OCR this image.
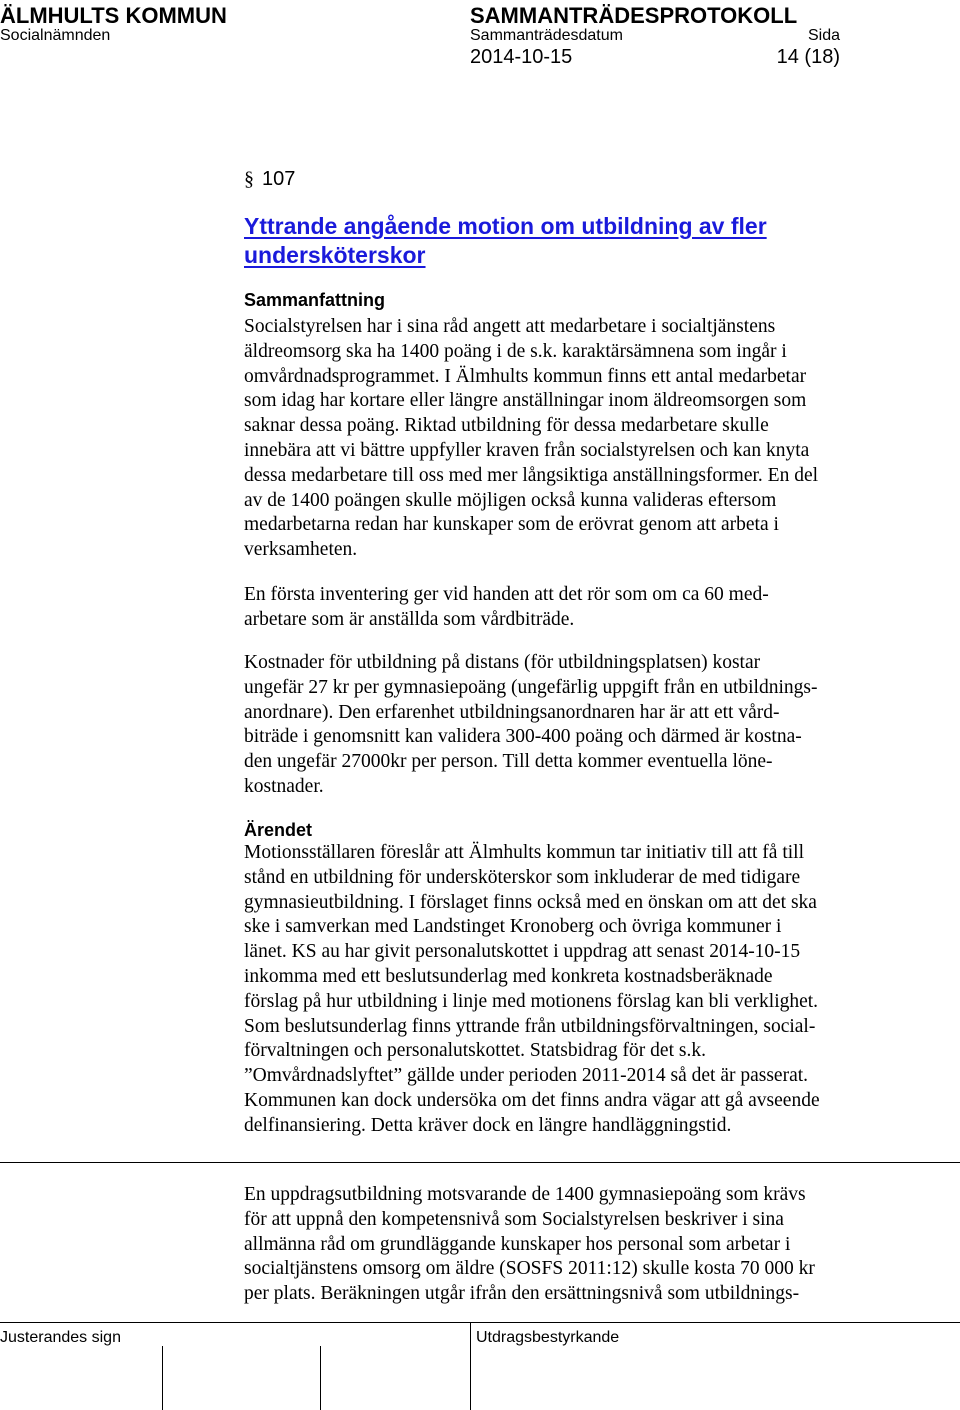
ÄLMHULTS KOMMUN	SAMMANTRÄDESPROTOKOLL
Socialnämnden	Sammanträdesdatum	Sida
2014-10-15	14 (18)
§ 107
Yttrande angående motion om utbildning av fler
undersköterskor
Sammanfattning
Socialstyrelsen har i sina råd angett att medarbetare i socialtjänstens
äldreomsorg ska ha 1400 poäng i de s.k. karaktärsämnena som ingår i
omvårdnadsprogrammet. I Älmhults kommun finns ett antal medarbetar
som idag har kortare eller längre anställningar inom äldreomsorgen som
saknar dessa poäng. Riktad utbildning för dessa medarbetare skulle
innebära att vi bättre uppfyller kraven från socialstyrelsen och kan knyta
dessa medarbetare till oss med mer långsiktiga anställningsformer. En del
av de 1400 poängen skulle möjligen också kunna valideras eftersom
medarbetarna redan har kunskaper som de erövrat genom att arbeta i
verksamheten.
En första inventering ger vid handen att det rör som om ca 60 med-
arbetare som är anställda som vårdbiträde.
Kostnader för utbildning på distans (för utbildningsplatsen) kostar
ungefär 27 kr per gymnasiepoäng (ungefärlig uppgift från en utbildnings-
anordnare). Den erfarenhet utbildningsanordnaren har är att ett vård-
biträde i genomsnitt kan validera 300-400 poäng och därmed är kostna-
den ungefär 27000kr per person. Till detta kommer eventuella löne-
kostnader.
Ärendet
Motionsställaren föreslår att Älmhults kommun tar initiativ till att få till
stånd en utbildning för undersköterskor som inkluderar de med tidigare
gymnasieutbildning. I förslaget finns också med en önskan om att det ska
ske i samverkan med Landstinget Kronoberg och övriga kommuner i
länet. KS au har givit personalutskottet i uppdrag att senast 2014-10-15
inkomma med ett beslutsunderlag med konkreta kostnadsberäknade
förslag på hur utbildning i linje med motionens förslag kan bli verklighet.
Som beslutsunderlag finns yttrande från utbildningsförvaltningen, social-
förvaltningen och personalutskottet. Statsbidrag för det s.k.
”Omvårdnadslyftet” gällde under perioden 2011-2014 så det är passerat.
Kommunen kan dock undersöka om det finns andra vägar att gå avseende
delfinansiering. Detta kräver dock en längre handläggningstid.
En uppdragsutbildning motsvarande de 1400 gymnasiepoäng som krävs
för att uppnå den kompetensnivå som Socialstyrelsen beskriver i sina
allmänna råd om grundläggande kunskaper hos personal som arbetar i
socialtjänstens omsorg om äldre (SOSFS 2011:12) skulle kosta 70 000 kr
per plats. Beräkningen utgår ifrån den ersättningsnivå som utbildnings-
Justerandes sign	Utdragsbestyrkande
